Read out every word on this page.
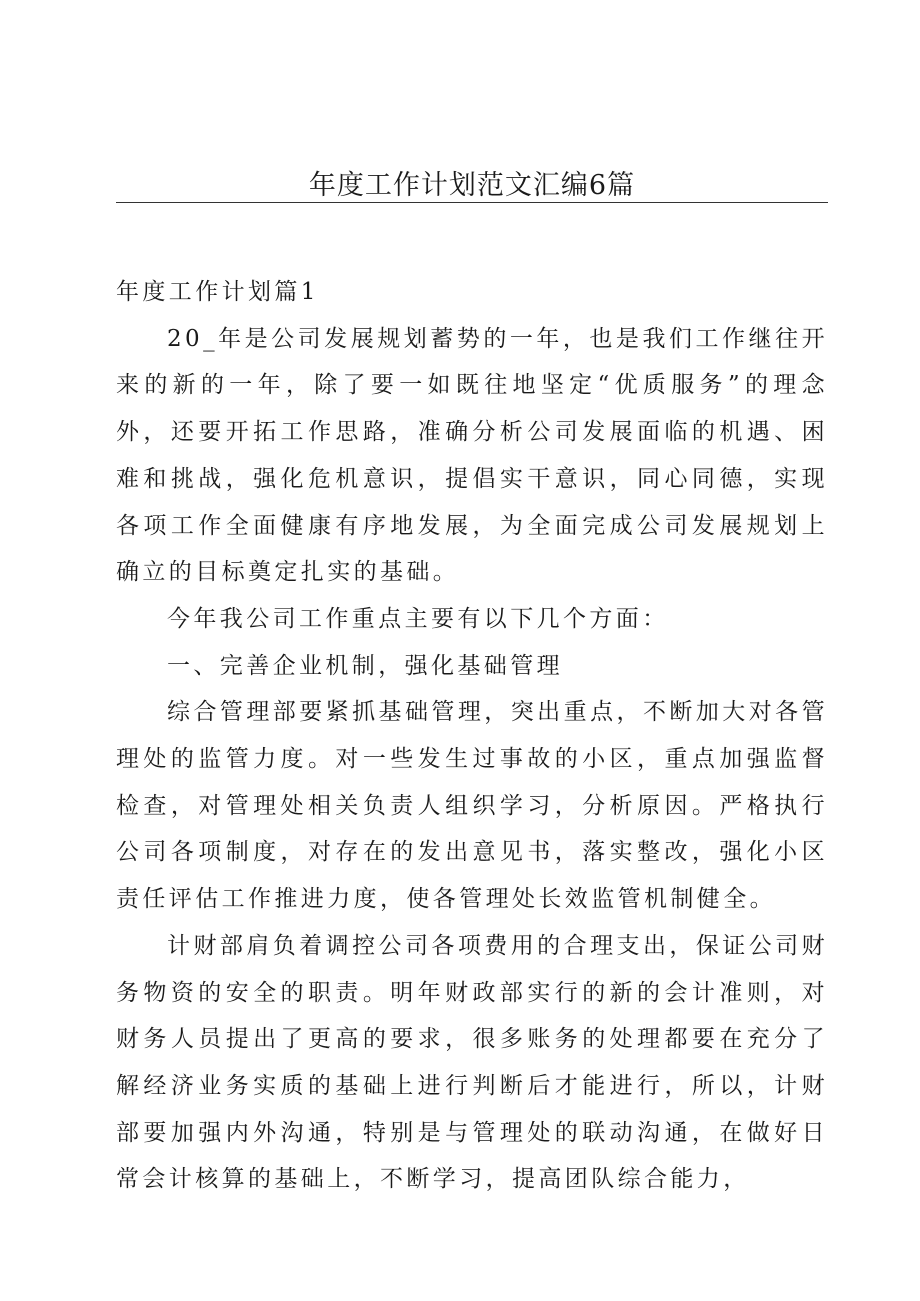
年度工作计划范文汇编6篇

年度工作计划篇1

20_年是公司发展规划蓄势的一年，也是我们工作继往开来的新的一年，除了要一如既往地坚定“优质服务”的理念外，还要开拓工作思路，准确分析公司发展面临的机遇、困难和挑战，强化危机意识，提倡实干意识，同心同德，实现各项工作全面健康有序地发展，为全面完成公司发展规划上确立的目标奠定扎实的基础。

今年我公司工作重点主要有以下几个方面：

一、完善企业机制，强化基础管理

综合管理部要紧抓基础管理，突出重点，不断加大对各管理处的监管力度。对一些发生过事故的小区，重点加强监督检查，对管理处相关负责人组织学习，分析原因。严格执行公司各项制度，对存在的发出意见书，落实整改，强化小区责任评估工作推进力度，使各管理处长效监管机制健全。

计财部肩负着调控公司各项费用的合理支出，保证公司财务物资的安全的职责。明年财政部实行的新的会计准则，对财务人员提出了更高的要求，很多账务的处理都要在充分了解经济业务实质的基础上进行判断后才能进行，所以，计财部要加强内外沟通，特别是与管理处的联动沟通，在做好日常会计核算的基础上，不断学习，提高团队综合能力，
